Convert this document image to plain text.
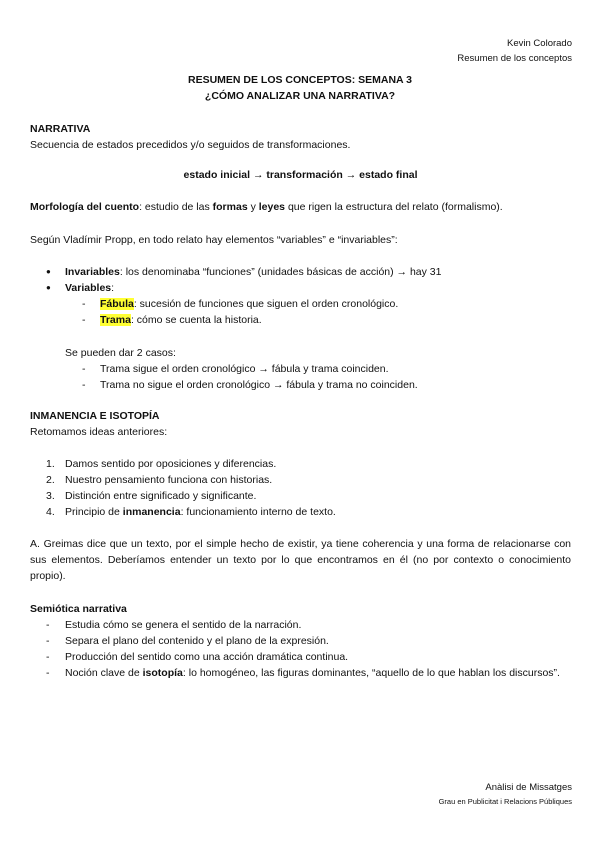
Kevin Colorado
Resumen de los conceptos
RESUMEN DE LOS CONCEPTOS: SEMANA 3
¿CÓMO ANALIZAR UNA NARRATIVA?
NARRATIVA
Secuencia de estados precedidos y/o seguidos de transformaciones.
estado inicial → transformación → estado final
Morfología del cuento: estudio de las formas y leyes que rigen la estructura del relato (formalismo).
Según Vladímir Propp, en todo relato hay elementos “variables” e “invariables”:
● Invariables: los denominaba “funciones” (unidades básicas de acción) → hay 31
● Variables:
- Fábula: sucesión de funciones que siguen el orden cronológico.
- Trama: cómo se cuenta la historia.
Se pueden dar 2 casos:
- Trama sigue el orden cronológico → fábula y trama coinciden.
- Trama no sigue el orden cronológico → fábula y trama no coinciden.
INMANENCIA E ISOTOPÍA
Retomamos ideas anteriores:
1. Damos sentido por oposiciones y diferencias.
2. Nuestro pensamiento funciona con historias.
3. Distinción entre significado y significante.
4. Principio de inmanencia: funcionamiento interno de texto.
A. Greimas dice que un texto, por el simple hecho de existir, ya tiene coherencia y una forma de relacionarse con sus elementos. Deberíamos entender un texto por lo que encontramos en él (no por contexto o conocimiento propio).
Semiótica narrativa
- Estudia cómo se genera el sentido de la narración.
- Separa el plano del contenido y el plano de la expresión.
- Producción del sentido como una acción dramática continua.
- Noción clave de isotopía: lo homogéneo, las figuras dominantes, “aquello de lo que hablan los discursos”.
Anàlisi de Missatges
Grau en Publicitat i Relacions Públiques
